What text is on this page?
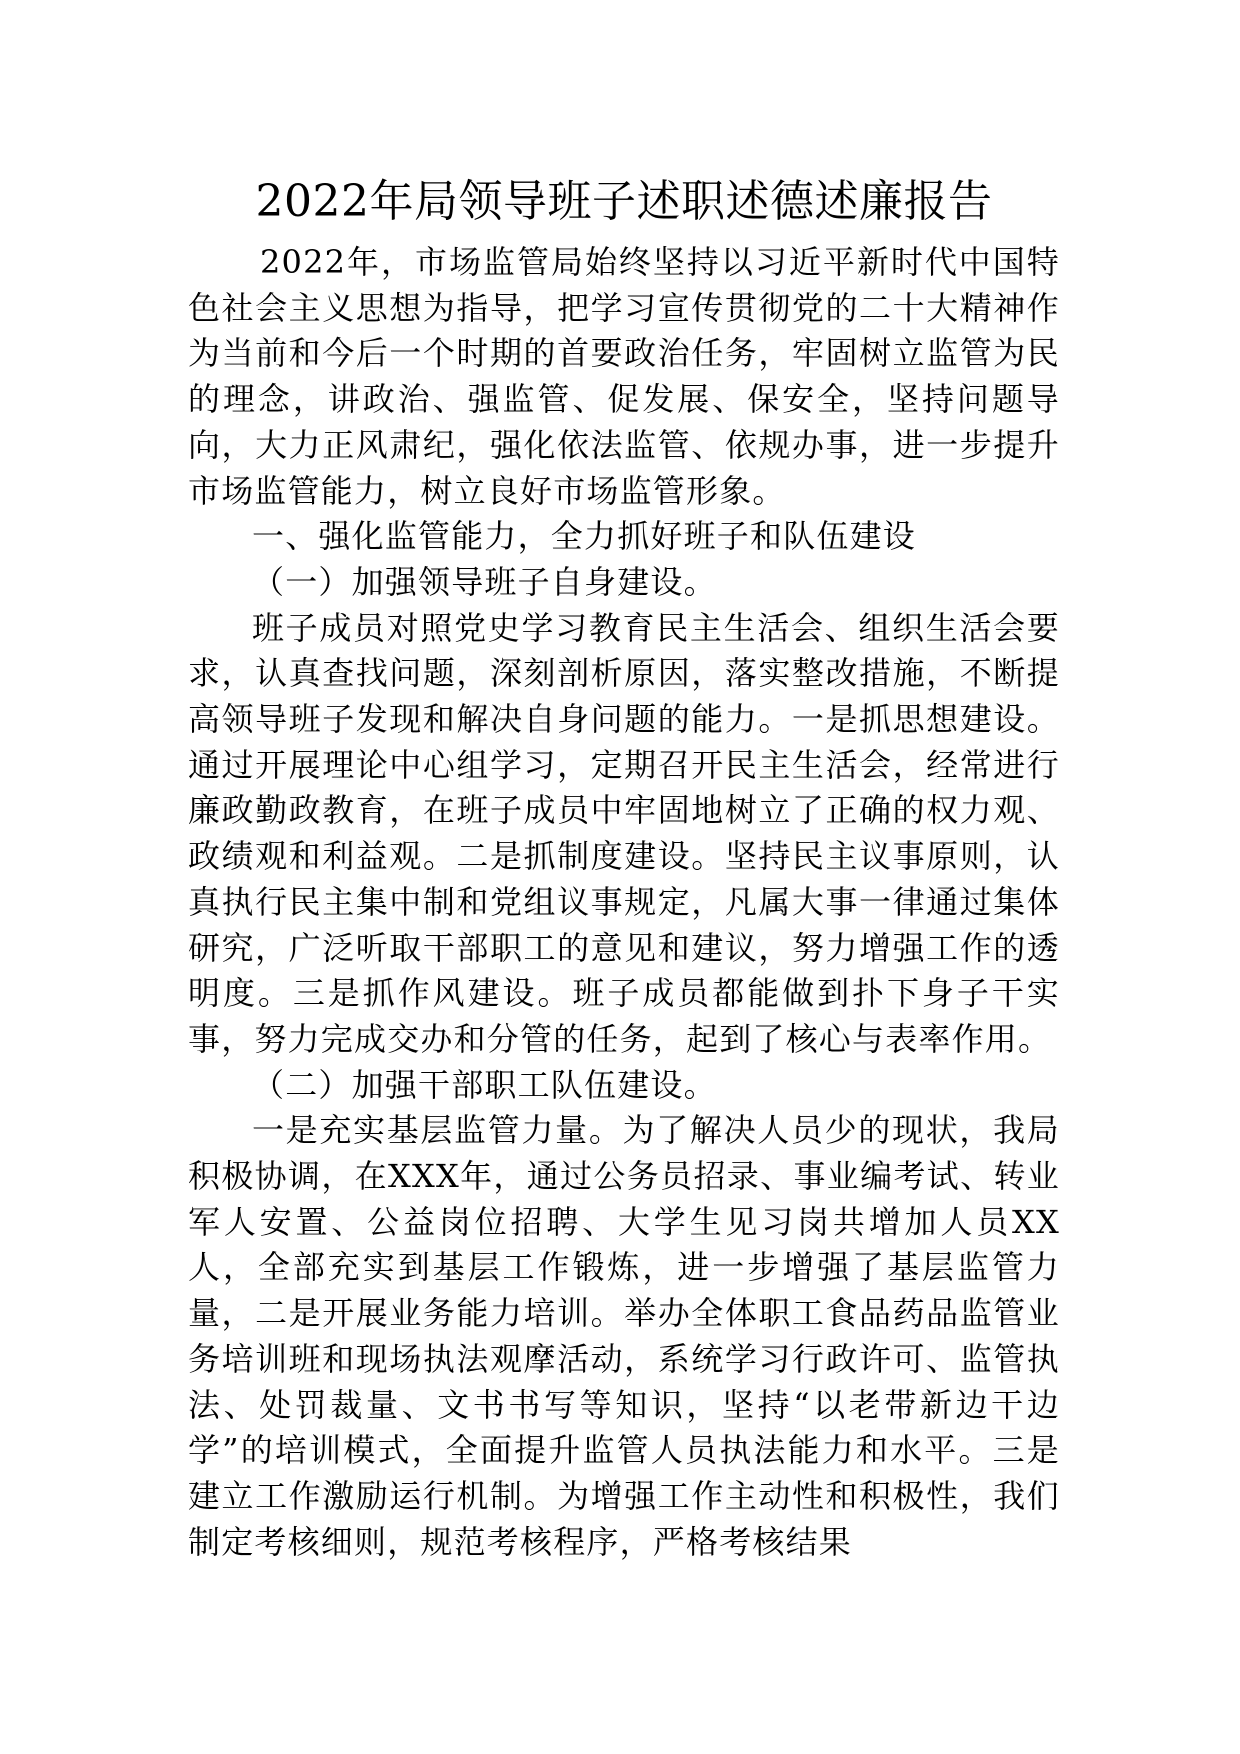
2022年局领导班子述职述德述廉报告

2022年，市场监管局始终坚持以习近平新时代中国特色社会主义思想为指导，把学习宣传贯彻党的二十大精神作为当前和今后一个时期的首要政治任务，牢固树立监管为民的理念，讲政治、强监管、促发展、保安全，坚持问题导向，大力正风肃纪，强化依法监管、依规办事，进一步提升市场监管能力，树立良好市场监管形象。

一、强化监管能力，全力抓好班子和队伍建设

（一）加强领导班子自身建设。

班子成员对照党史学习教育民主生活会、组织生活会要求，认真查找问题，深刻剖析原因，落实整改措施，不断提高领导班子发现和解决自身问题的能力。一是抓思想建设。通过开展理论中心组学习，定期召开民主生活会，经常进行廉政勤政教育，在班子成员中牢固地树立了正确的权力观、政绩观和利益观。二是抓制度建设。坚持民主议事原则，认真执行民主集中制和党组议事规定，凡属大事一律通过集体研究，广泛听取干部职工的意见和建议，努力增强工作的透明度。三是抓作风建设。班子成员都能做到扑下身子干实事，努力完成交办和分管的任务，起到了核心与表率作用。

（二）加强干部职工队伍建设。

一是充实基层监管力量。为了解决人员少的现状，我局积极协调，在XXX年，通过公务员招录、事业编考试、转业军人安置、公益岗位招聘、大学生见习岗共增加人员XX人，全部充实到基层工作锻炼，进一步增强了基层监管力量，二是开展业务能力培训。举办全体职工食品药品监管业务培训班和现场执法观摩活动，系统学习行政许可、监管执法、处罚裁量、文书书写等知识，坚持“以老带新边干边学”的培训模式，全面提升监管人员执法能力和水平。三是建立工作激励运行机制。为增强工作主动性和积极性，我们制定考核细则，规范考核程序，严格考核结果
